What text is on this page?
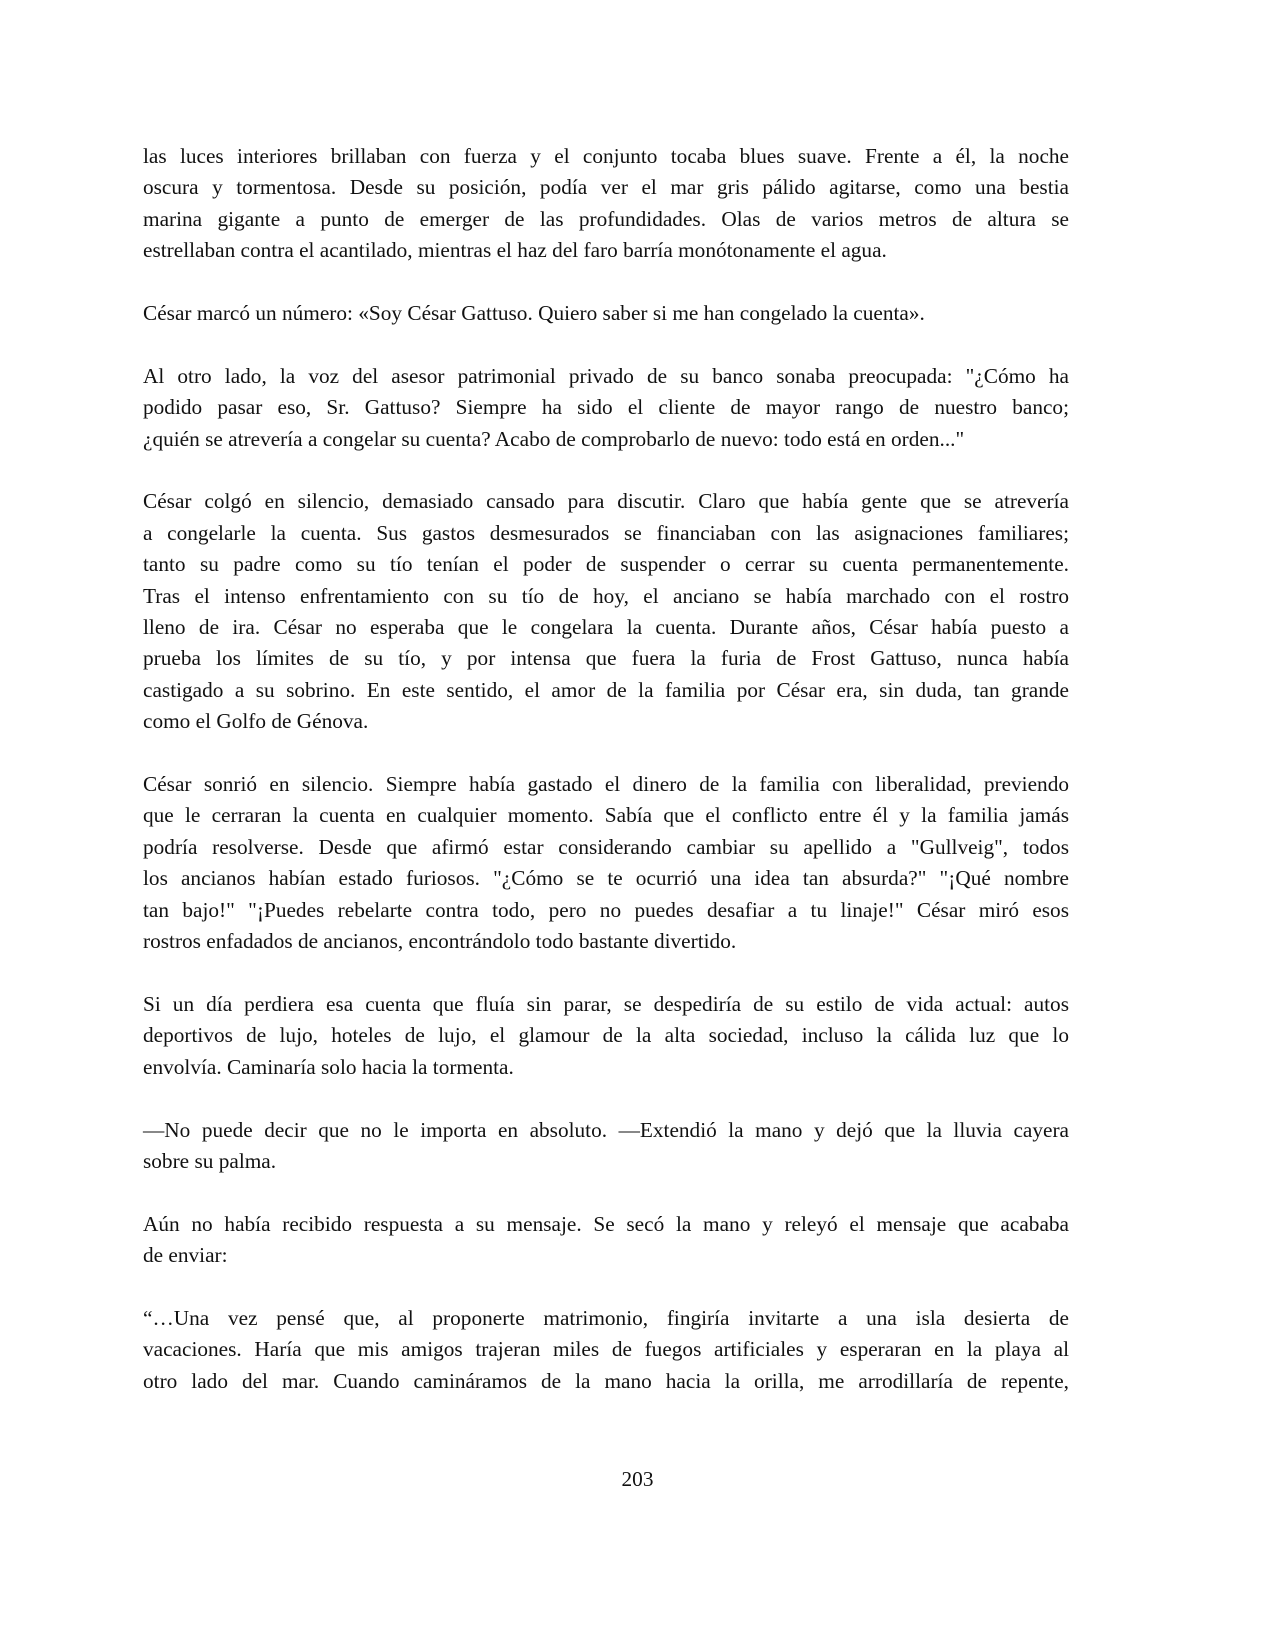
las luces interiores brillaban con fuerza y el conjunto tocaba blues suave. Frente a él, la noche
oscura y tormentosa. Desde su posición, podía ver el mar gris pálido agitarse, como una bestia
marina gigante a punto de emerger de las profundidades. Olas de varios metros de altura se
estrellaban contra el acantilado, mientras el haz del faro barría monótonamente el agua.

César marcó un número: «Soy César Gattuso. Quiero saber si me han congelado la cuenta».

Al otro lado, la voz del asesor patrimonial privado de su banco sonaba preocupada: "¿Cómo ha
podido pasar eso, Sr. Gattuso? Siempre ha sido el cliente de mayor rango de nuestro banco;
¿quién se atrevería a congelar su cuenta? Acabo de comprobarlo de nuevo: todo está en orden..."

César colgó en silencio, demasiado cansado para discutir. Claro que había gente que se atrevería
a congelarle la cuenta. Sus gastos desmesurados se financiaban con las asignaciones familiares;
tanto su padre como su tío tenían el poder de suspender o cerrar su cuenta permanentemente.
Tras el intenso enfrentamiento con su tío de hoy, el anciano se había marchado con el rostro
lleno de ira. César no esperaba que le congelara la cuenta. Durante años, César había puesto a
prueba los límites de su tío, y por intensa que fuera la furia de Frost Gattuso, nunca había
castigado a su sobrino. En este sentido, el amor de la familia por César era, sin duda, tan grande
como el Golfo de Génova.

César sonrió en silencio. Siempre había gastado el dinero de la familia con liberalidad, previendo
que le cerraran la cuenta en cualquier momento. Sabía que el conflicto entre él y la familia jamás
podría resolverse. Desde que afirmó estar considerando cambiar su apellido a "Gullveig", todos
los ancianos habían estado furiosos. "¿Cómo se te ocurrió una idea tan absurda?" "¡Qué nombre
tan bajo!" "¡Puedes rebelarte contra todo, pero no puedes desafiar a tu linaje!" César miró esos
rostros enfadados de ancianos, encontrándolo todo bastante divertido.

Si un día perdiera esa cuenta que fluía sin parar, se despediría de su estilo de vida actual: autos
deportivos de lujo, hoteles de lujo, el glamour de la alta sociedad, incluso la cálida luz que lo
envolvía. Caminaría solo hacia la tormenta.

—No puede decir que no le importa en absoluto. —Extendió la mano y dejó que la lluvia cayera
sobre su palma.

Aún no había recibido respuesta a su mensaje. Se secó la mano y releyó el mensaje que acababa
de enviar:

“…Una vez pensé que, al proponerte matrimonio, fingiría invitarte a una isla desierta de
vacaciones. Haría que mis amigos trajeran miles de fuegos artificiales y esperaran en la playa al
otro lado del mar. Cuando camináramos de la mano hacia la orilla, me arrodillaría de repente,

203
